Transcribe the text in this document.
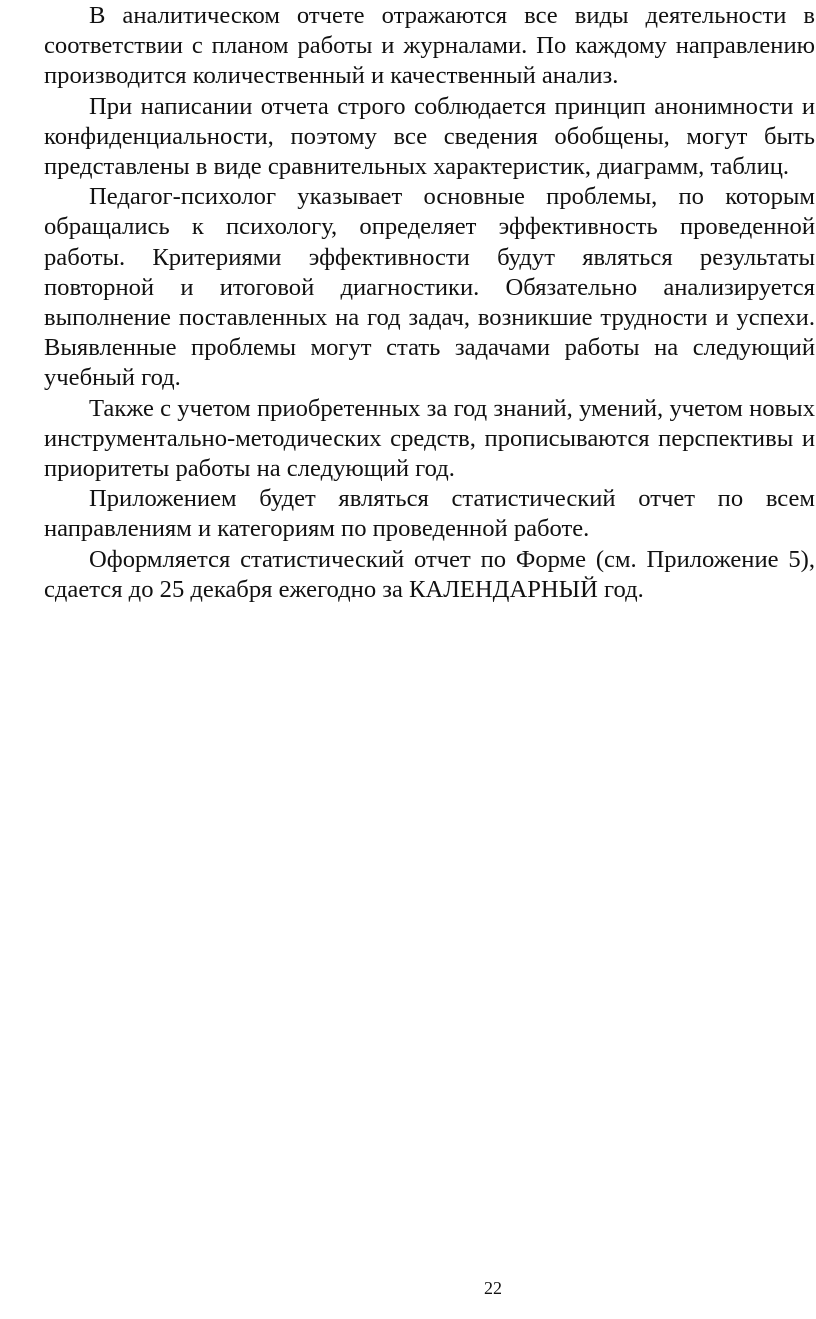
В аналитическом отчете отражаются все виды деятельности в соответствии с планом работы и журналами. По каждому направлению производится количественный и качественный анализ.

При написании отчета строго соблюдается принцип анонимности и конфиденциальности, поэтому все сведения обобщены, могут быть представлены в виде сравнительных характеристик, диаграмм, таблиц.

Педагог-психолог указывает основные проблемы, по которым обращались к психологу, определяет эффективность проведенной работы. Критериями эффективности будут являться результаты повторной и итоговой диагностики. Обязательно анализируется выполнение поставленных на год задач, возникшие трудности и успехи. Выявленные проблемы могут стать задачами работы на следующий учебный год.

Также с учетом приобретенных за год знаний, умений, учетом новых инструментально-методических средств, прописываются перспективы и приоритеты работы на следующий год.

Приложением будет являться статистический отчет по всем направлениям и категориям по проведенной работе.

Оформляется статистический отчет по Форме (см. Приложение 5), сдается до 25 декабря ежегодно за КАЛЕНДАРНЫЙ год.

22
